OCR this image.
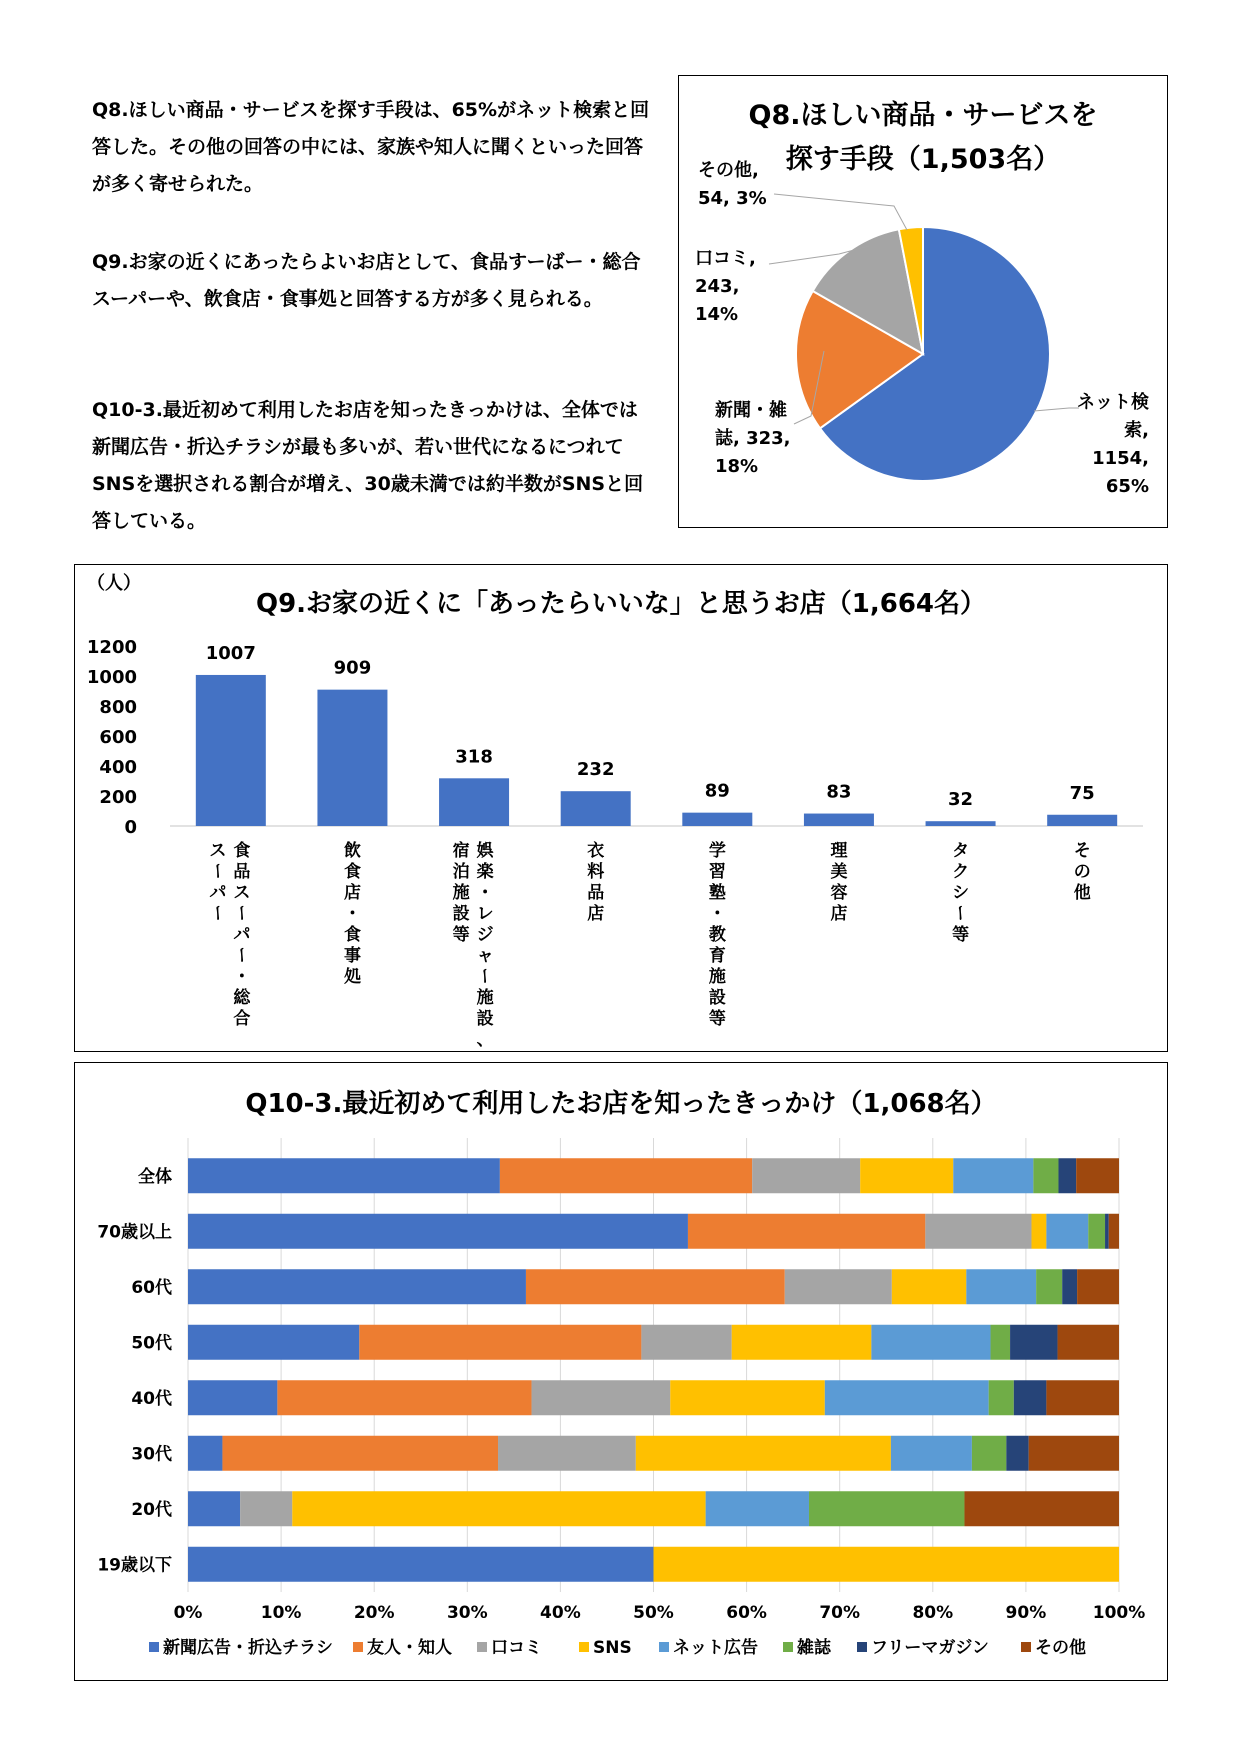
Q8.ほしい商品・サービスを探す手段は、65%がネット検索と回答した。その他の回答の中には、家族や知人に聞くといった回答が多く寄せられた。
Q9.お家の近くにあったらよいお店として、食品すーばー・総合スーパーや、飲食店・食事処と回答する方が多く見られる。
Q10-3.最近初めて利用したお店を知ったきっかけは、全体では新聞広告・折込チラシが最も多いが、若い世代になるにつれてSNSを選択される割合が増え、30歳未満では約半数がSNSと回答している。
Q8.ほしい商品・サービスを
探す手段（1,503名）
ネット検
索,
1154,
65%
新聞・雑
誌, 323,
18%
口コミ,
243,
14%
その他,
54, 3%
Q9.お家の近くに「あったらいいな」と思うお店（1,664名）
（人）
0
200
400
600
800
1000
1200	1007
食
品
ス
ー
パ
ー
・
総
合
ス
ー
パ
ー
909
飲
食
店
・
食
事
処
318
娯
楽
・
レ
ジ
ャ
ー
施
設
、
宿
泊
施
設
等
232
衣
料
品
店
89
学
習
塾
・
教
育
施
設
等
83
理
美
容
店
32
タ
ク
シ
ー
等
75
そ
の
他
Q10-3.最近初めて利用したお店を知ったきっかけ（1,068名）
0%	10%	20%	30%	40%	50%	60%	70%	80%	90%	100%
全体
70歳以上
60代
50代
40代
30代
20代
19歳以下
新聞広告・折込チラシ 友人・知人 口コミ	SNS ネット広告 雑誌 フリーマガジン	その他
